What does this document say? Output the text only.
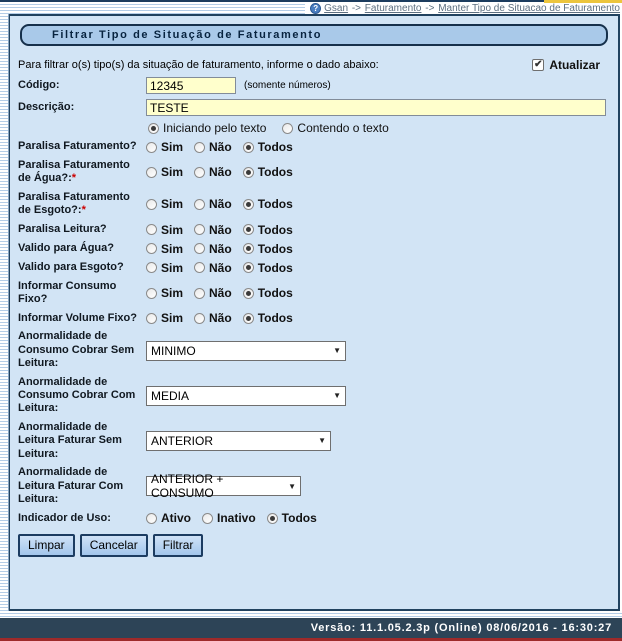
? Gsan -> Faturamento -> Manter Tipo de Situacao de Faturamento
Filtrar Tipo de Situação de Faturamento
Para filtrar o(s) tipo(s) da situação de faturamento, informe o dado abaixo:	✔ Atualizar
Código:
12345	(somente números)
Descrição:
TESTE
Iniciando pelo texto	Contendo o texto
Paralisa Faturamento? Sim Não Todos
Paralisa Faturamento de Água?:*	Sim Não Todos
Paralisa Faturamento de Esgoto?:*	Sim Não Todos
Paralisa Leitura?	Sim Não Todos
Valido para Água?	Sim Não Todos
Valido para Esgoto?	Sim Não Todos
Informar Consumo Fixo?	Sim Não Todos
Informar Volume Fixo? Sim Não Todos
Anormalidade de Consumo Cobrar Sem Leitura:
MINIMO	▼
Anormalidade de Consumo Cobrar Com Leitura:
MEDIA	▼
Anormalidade de Leitura Faturar Sem Leitura:
ANTERIOR	▼
Anormalidade de Leitura Faturar Com Leitura:
ANTERIOR + CONSUMO	▼
Indicador de Uso:	Ativo Inativo Todos
Limpar	Cancelar	Filtrar
Versão: 11.1.05.2.3p (Online) 08/06/2016 - 16:30:27
